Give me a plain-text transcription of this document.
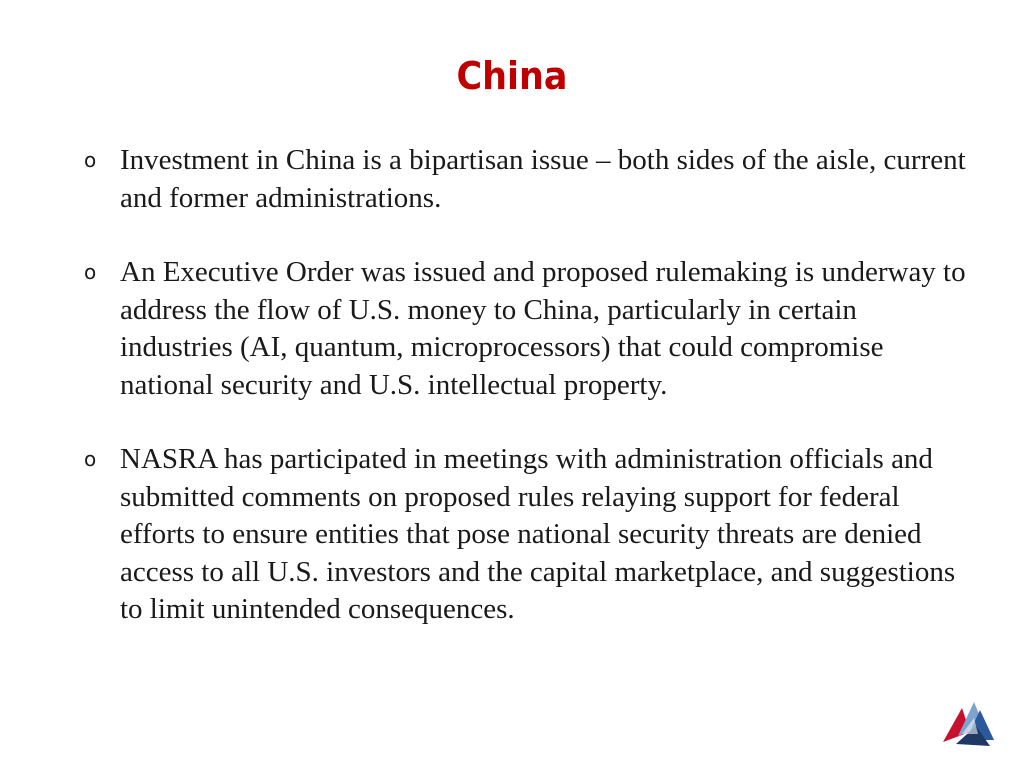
China
o Investment in China is a bipartisan issue – both sides of the aisle, current and former administrations.
o An Executive Order was issued and proposed rulemaking is underway to address the flow of U.S. money to China, particularly in certain industries (AI, quantum, microprocessors) that could compromise national security and U.S. intellectual property.
o NASRA has participated in meetings with administration officials and submitted comments on proposed rules relaying support for federal efforts to ensure entities that pose national security threats are denied access to all U.S. investors and the capital marketplace, and suggestions to limit unintended consequences.
